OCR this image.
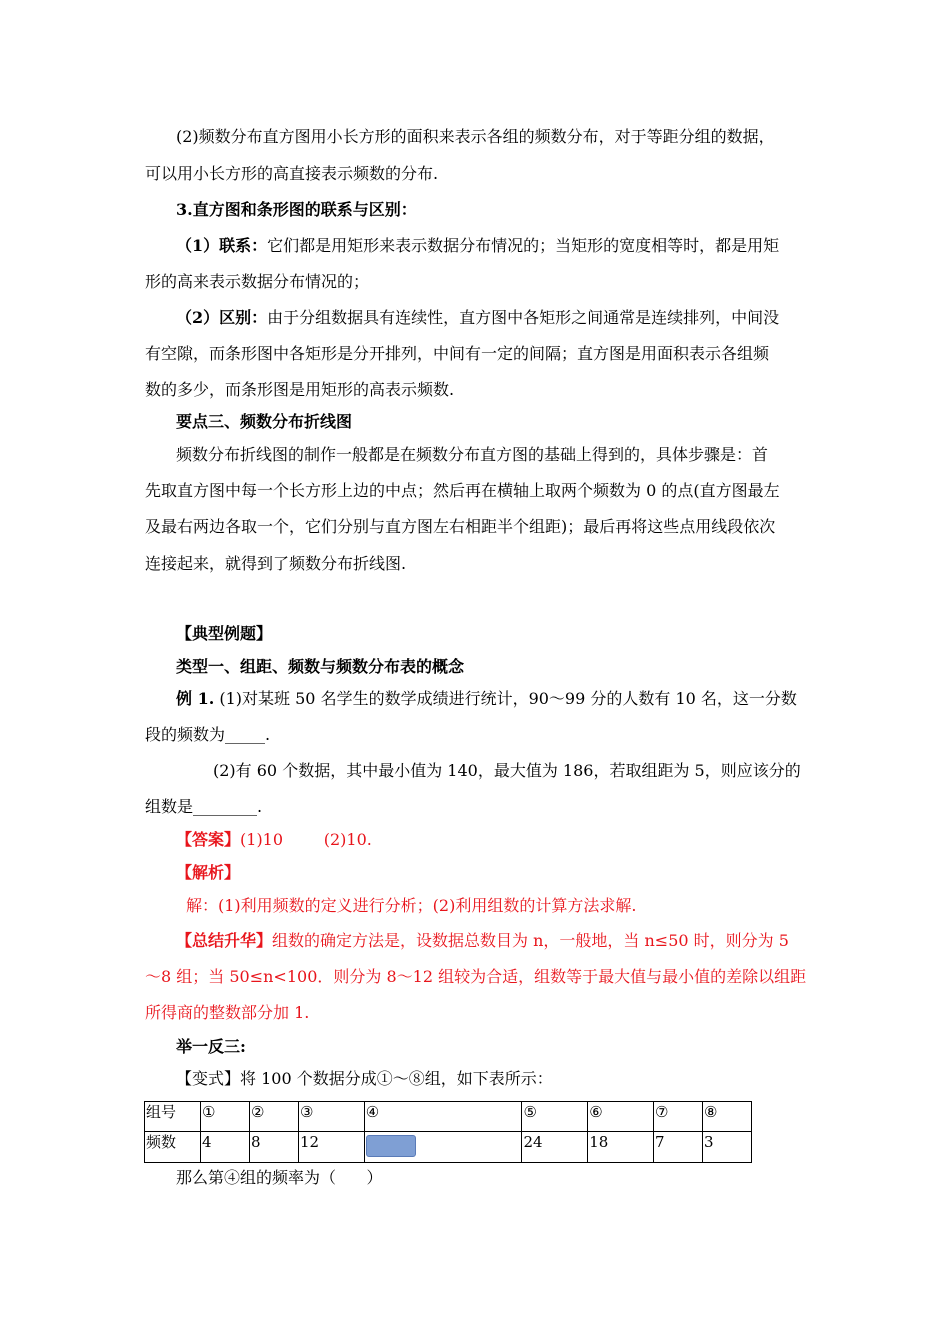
(2)频数分布直方图用小长方形的面积来表示各组的频数分布，对于等距分组的数据，
可以用小长方形的高直接表示频数的分布.
3.直方图和条形图的联系与区别：
（1）联系：它们都是用矩形来表示数据分布情况的；当矩形的宽度相等时，都是用矩
形的高来表示数据分布情况的；
（2）区别：由于分组数据具有连续性，直方图中各矩形之间通常是连续排列，中间没
有空隙，而条形图中各矩形是分开排列，中间有一定的间隔；直方图是用面积表示各组频
数的多少，而条形图是用矩形的高表示频数.
要点三、频数分布折线图
频数分布折线图的制作一般都是在频数分布直方图的基础上得到的，具体步骤是：首
先取直方图中每一个长方形上边的中点；然后再在横轴上取两个频数为 0 的点(直方图最左
及最右两边各取一个，它们分别与直方图左右相距半个组距)；最后再将这些点用线段依次
连接起来，就得到了频数分布折线图.
【典型例题】
类型一、组距、频数与频数分布表的概念
例 1. (1)对某班 50 名学生的数学成绩进行统计，90～99 分的人数有 10 名，这一分数
段的频数为_____.
(2)有 60 个数据，其中最小值为 140，最大值为 186，若取组距为 5，则应该分的
组数是________.
【答案】(1)10        (2)10.
【解析】
解：(1)利用频数的定义进行分析；(2)利用组数的计算方法求解.
【总结升华】组数的确定方法是，设数据总数目为 n，一般地，当 n≤50 时，则分为 5
～8 组；当 50≤n<100．则分为 8～12 组较为合适，组数等于最大值与最小值的差除以组距
所得商的整数部分加 1.
举一反三:
【变式】将 100 个数据分成①～⑧组，如下表所示：
组号	①	②	③	④	⑤	⑥	⑦	⑧
频数	4	8	12		24	18	7	3
那么第④组的频率为（      ）
